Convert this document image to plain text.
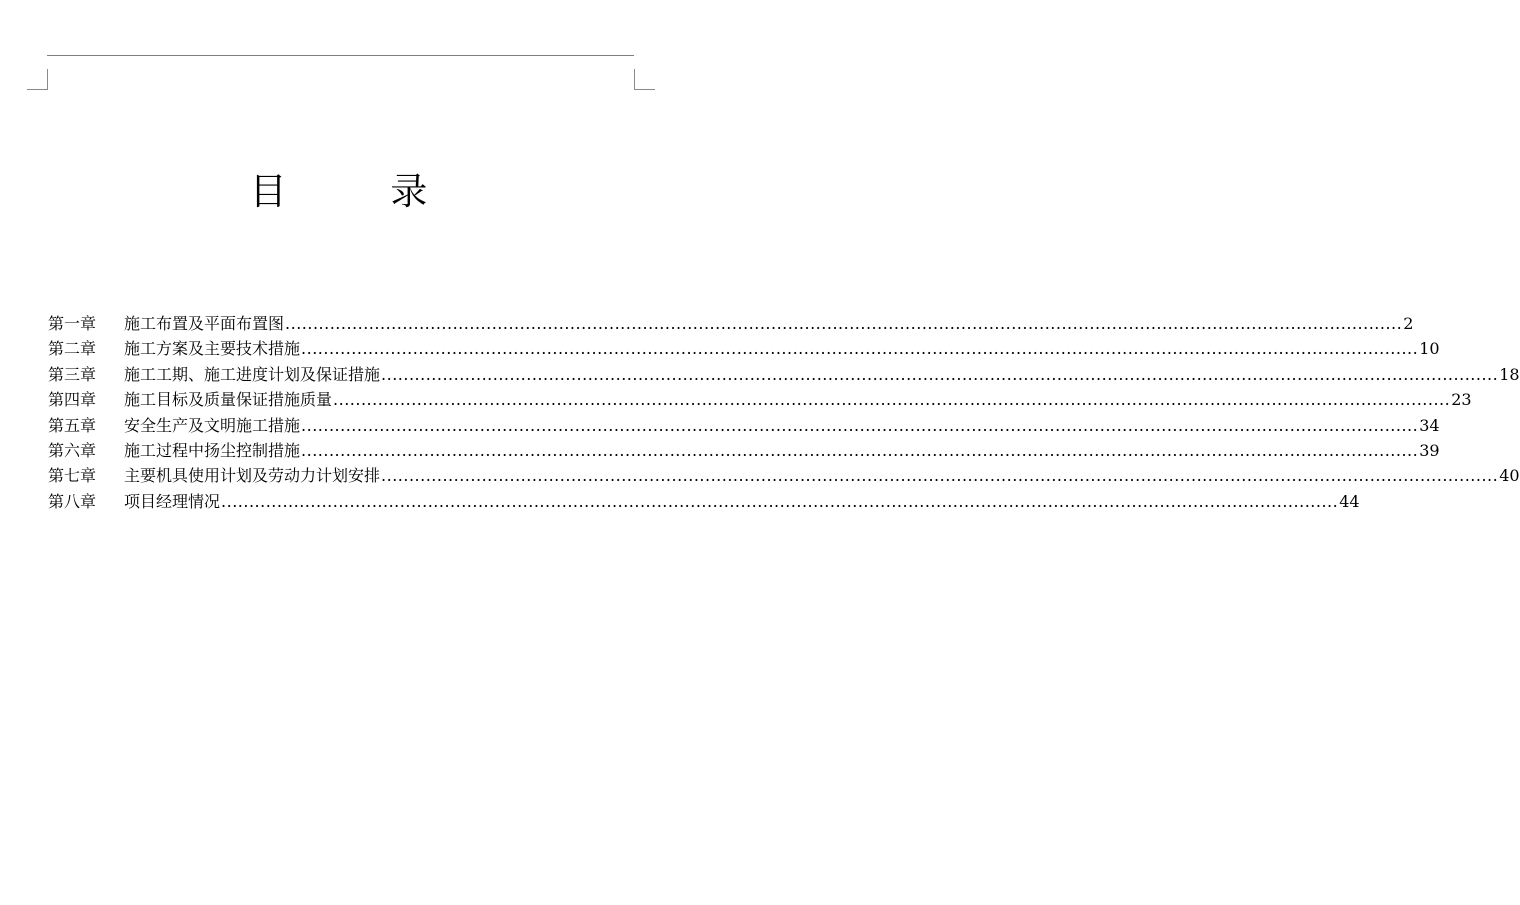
目 录
第一章	施工布置及平面布置图 ........................................................................................................................................................................................................ 2
第二章	施工方案及主要技术措施 ........................................................................................................................................................................................................ 10
第三章	施工工期、施工进度计划及保证措施 ........................................................................................................................................................................................................ 18
第四章	施工目标及质量保证措施质量 ........................................................................................................................................................................................................ 23
第五章	安全生产及文明施工措施 ........................................................................................................................................................................................................ 34
第六章	施工过程中扬尘控制措施 ........................................................................................................................................................................................................ 39
第七章	主要机具使用计划及劳动力计划安排 ........................................................................................................................................................................................................ 40
第八章	项目经理情况 ........................................................................................................................................................................................................ 44
